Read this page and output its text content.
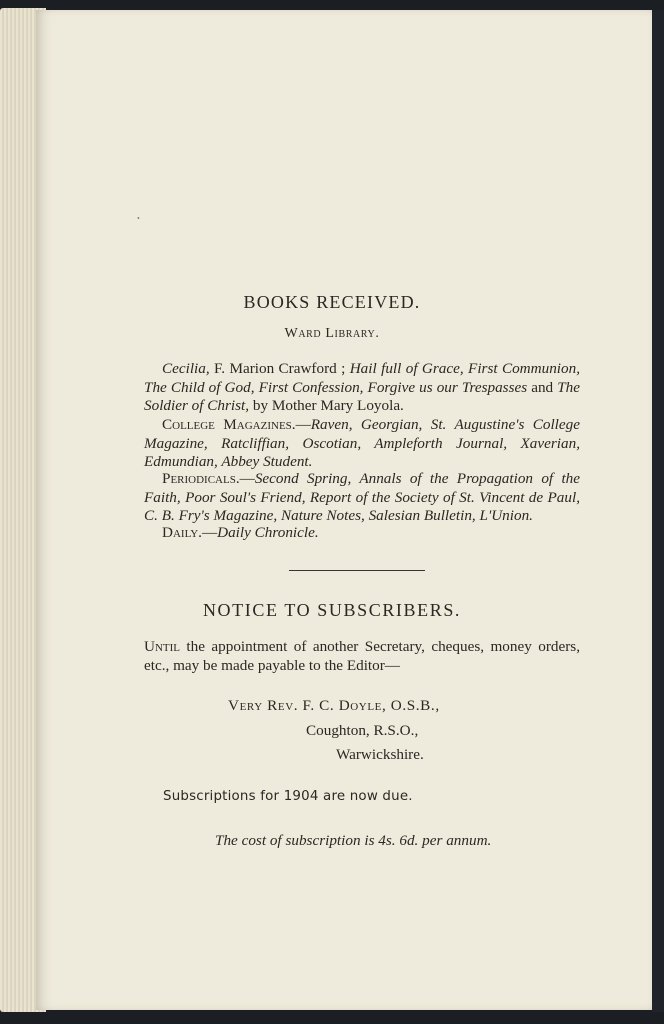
•
BOOKS RECEIVED.
Ward Library.

Cecilia, F. Marion Crawford ; Hail full of Grace, First Communion, The Child of God, First Confession, Forgive us our Trespasses and The Soldier of Christ, by Mother Mary Loyola.

College Magazines.—Raven, Georgian, St. Augustine's College Magazine, Ratcliffian, Oscotian, Ampleforth Journal, Xaverian, Edmundian, Abbey Student.

Periodicals.—Second Spring, Annals of the Propagation of the Faith, Poor Soul's Friend, Report of the Society of St. Vincent de Paul, C. B. Fry's Magazine, Nature Notes, Salesian Bulletin, L'Union.

Daily.—Daily Chronicle.

NOTICE TO SUBSCRIBERS.

Until the appointment of another Secretary, cheques, money orders, etc., may be made payable to the Editor—

Very Rev. F. C. Doyle, O.S.B.,
Coughton, R.S.O.,
Warwickshire.
Subscriptions for 1904 are now due.
The cost of subscription is 4s. 6d. per annum.
